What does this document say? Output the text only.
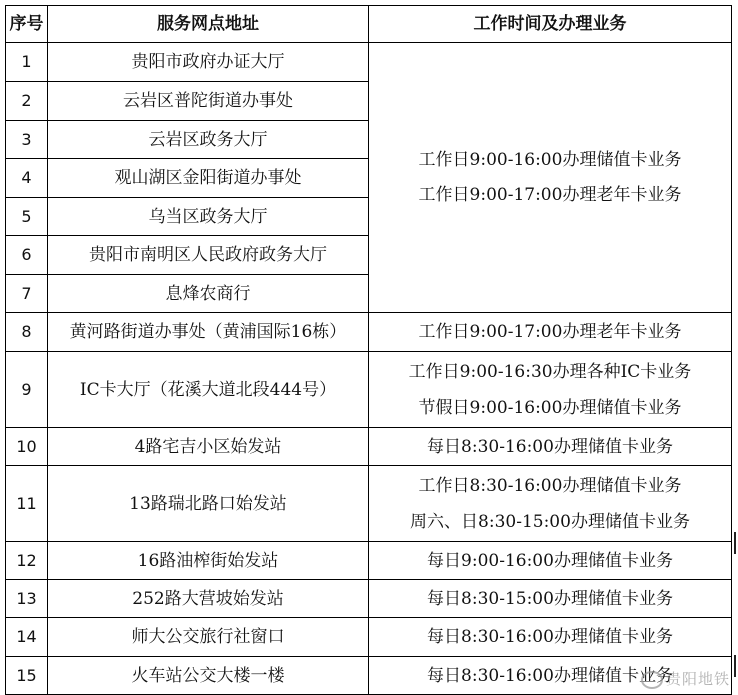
序号	服务网点地址	工作时间及办理业务
1	贵阳市政府办证大厅	工作日9:00-16:00办理储值卡业务
工作日9:00-17:00办理老年卡业务

2	云岩区普陀街道办事处	
3	云岩区政务大厅	
4	观山湖区金阳街道办事处	
5	乌当区政务大厅	
6	贵阳市南明区人民政府政务大厅	
7	息烽农商行	
8	黄河路街道办事处（黄浦国际16栋）	工作日9:00-17:00办理老年卡业务
9	IC卡大厅（花溪大道北段444号）	工作日9:00-16:30办理各种IC卡业务
节假日9:00-16:00办理储值卡业务

10	4路宅吉小区始发站	每日8:30-16:00办理储值卡业务
11	13路瑞北路口始发站	工作日8:30-16:00办理储值卡业务
周六、日8:30-15:00办理储值卡业务

12	16路油榨街始发站	每日9:00-16:00办理储值卡业务
13	252路大营坡始发站	每日8:30-15:00办理储值卡业务
14	师大公交旅行社窗口	每日8:30-16:00办理储值卡业务
15	火车站公交大楼一楼	每日8:30-16:00办理储值卡业务
贵阳地铁
